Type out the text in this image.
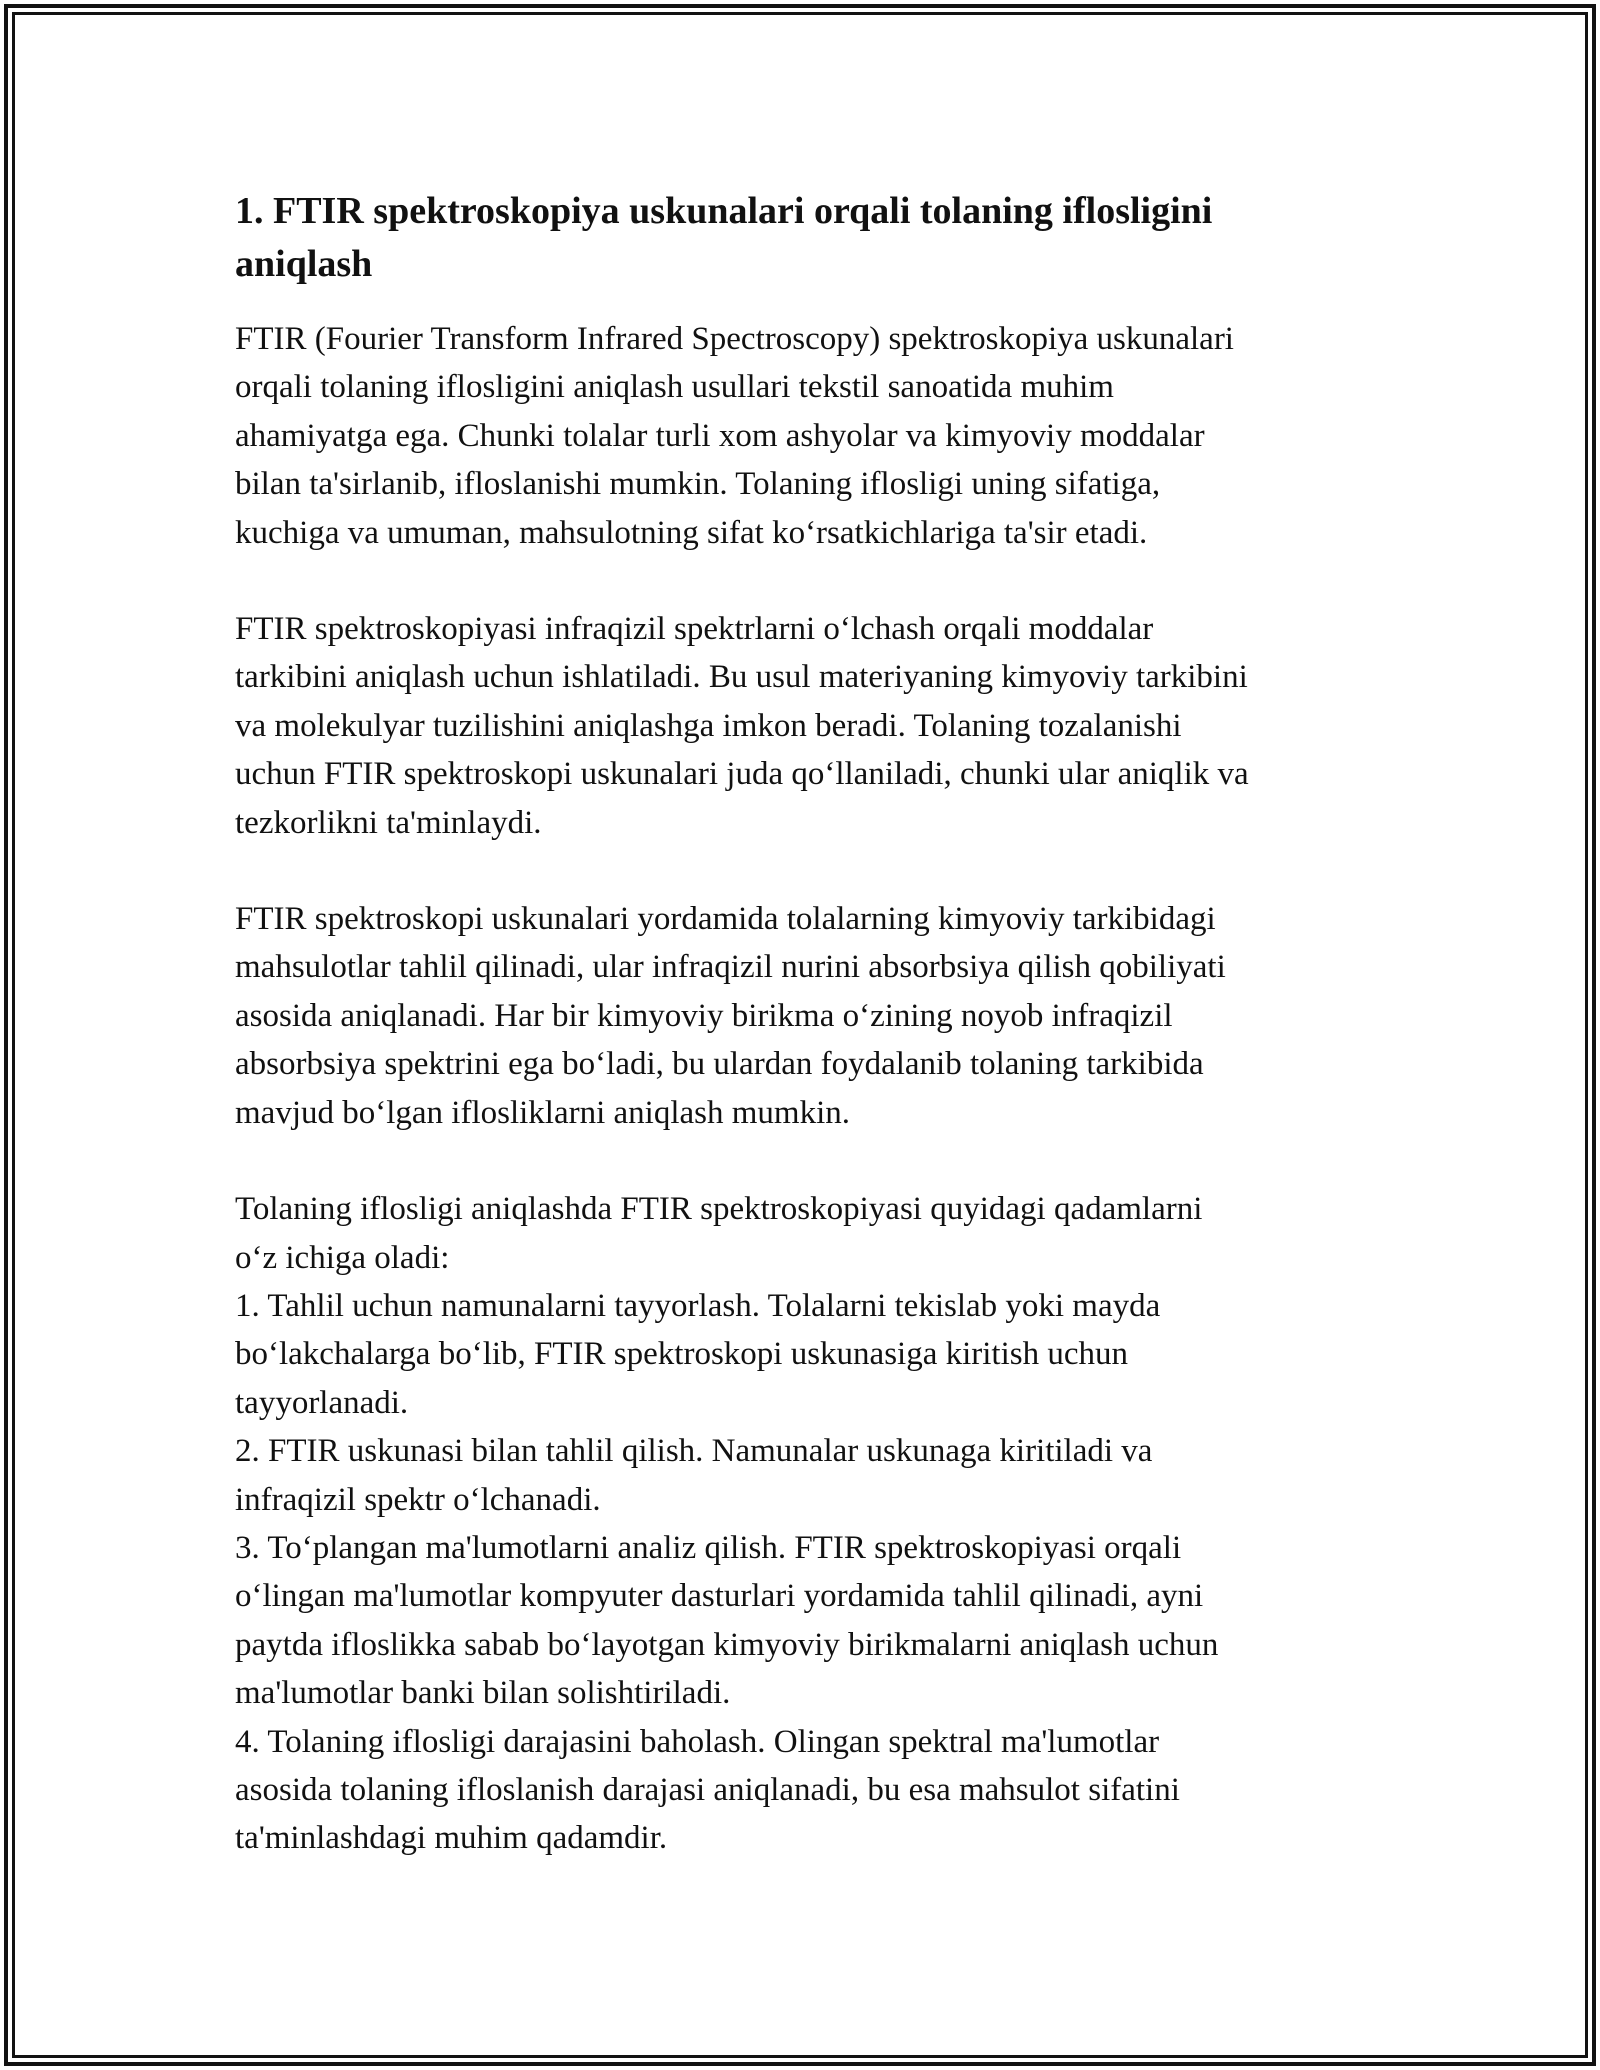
1. FTIR spektroskopiya uskunalari orqali tolaning iflosligini
aniqlash

FTIR (Fourier Transform Infrared Spectroscopy) spektroskopiya uskunalari
orqali tolaning iflosligini aniqlash usullari tekstil sanoatida muhim
ahamiyatga ega. Chunki tolalar turli xom ashyolar va kimyoviy moddalar
bilan ta'sirlanib, ifloslanishi mumkin. Tolaning iflosligi uning sifatiga,
kuchiga va umuman, mahsulotning sifat koʻrsatkichlariga ta'sir etadi.

FTIR spektroskopiyasi infraqizil spektrlarni oʻlchash orqali moddalar
tarkibini aniqlash uchun ishlatiladi. Bu usul materiyaning kimyoviy tarkibini
va molekulyar tuzilishini aniqlashga imkon beradi. Tolaning tozalanishi
uchun FTIR spektroskopi uskunalari juda qoʻllaniladi, chunki ular aniqlik va
tezkorlikni ta'minlaydi.

FTIR spektroskopi uskunalari yordamida tolalarning kimyoviy tarkibidagi
mahsulotlar tahlil qilinadi, ular infraqizil nurini absorbsiya qilish qobiliyati
asosida aniqlanadi. Har bir kimyoviy birikma oʻzining noyob infraqizil
absorbsiya spektrini ega boʻladi, bu ulardan foydalanib tolaning tarkibida
mavjud boʻlgan iflosliklarni aniqlash mumkin.

Tolaning iflosligi aniqlashda FTIR spektroskopiyasi quyidagi qadamlarni
oʻz ichiga oladi:
1. Tahlil uchun namunalarni tayyorlash. Tolalarni tekislab yoki mayda
boʻlakchalarga boʻlib, FTIR spektroskopi uskunasiga kiritish uchun
tayyorlanadi.
2. FTIR uskunasi bilan tahlil qilish. Namunalar uskunaga kiritiladi va
infraqizil spektr oʻlchanadi.
3. Toʻplangan ma'lumotlarni analiz qilish. FTIR spektroskopiyasi orqali
oʻlingan ma'lumotlar kompyuter dasturlari yordamida tahlil qilinadi, ayni
paytda ifloslikka sabab boʻlayotgan kimyoviy birikmalarni aniqlash uchun
ma'lumotlar banki bilan solishtiriladi.
4. Tolaning iflosligi darajasini baholash. Olingan spektral ma'lumotlar
asosida tolaning ifloslanish darajasi aniqlanadi, bu esa mahsulot sifatini
ta'minlashdagi muhim qadamdir.
